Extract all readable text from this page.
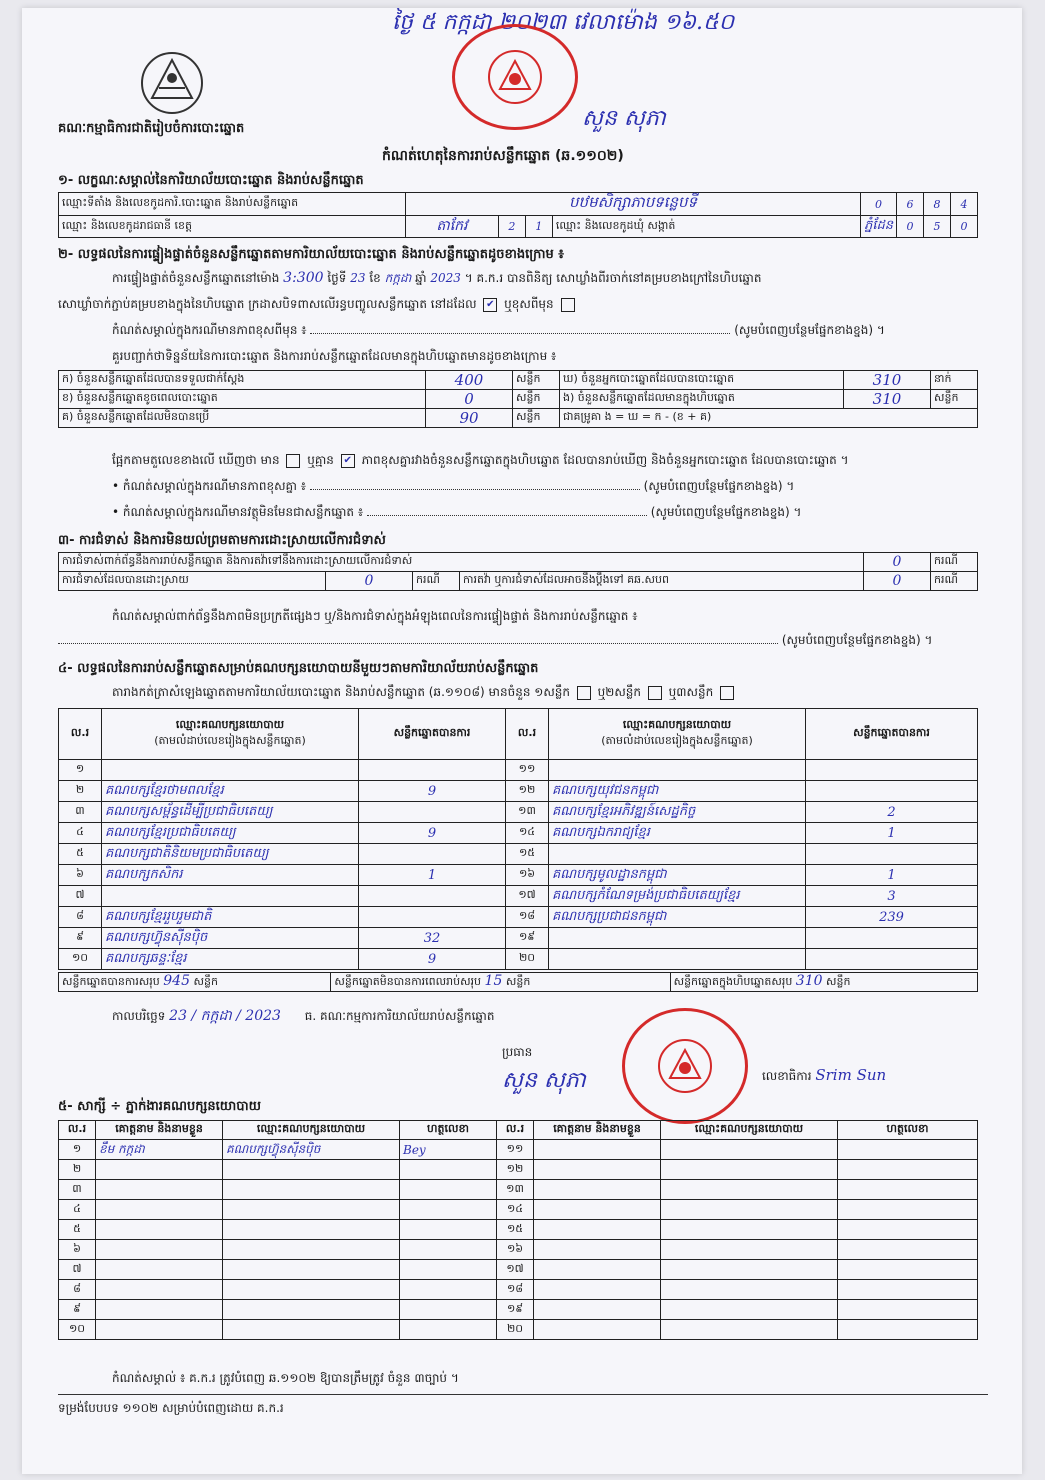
ថ្ងៃ ៥ កក្កដា ២០២៣ វេលាម៉ោង ១៦.៥០
សួន សុភា
គណៈកម្មាធិការជាតិរៀបចំការបោះឆ្នោត
កំណត់ហេតុនៃការរាប់សន្លឹកឆ្នោត (ឆ.១១០២)
១- លក្ខណៈសម្គាល់នៃការិយាល័យបោះឆ្នោត និងរាប់សន្លឹកឆ្នោត
ឈ្មោះទីតាំង និងលេខកូដការិ.បោះឆ្នោត និងរាប់សន្លឹកឆ្នោត	បឋមសិក្សាភាបទន្លេបទី				0	6	8	4
ឈ្មោះ និងលេខកូដរាជធានី ខេត្ត	តាកែវ	2	1	ឈ្មោះ និងលេខកូដឃុំ សង្កាត់	ភ្នំដែន	0	5	0
២- លទ្ធផលនៃការផ្ទៀងផ្ទាត់ចំនួនសន្លឹកឆ្នោតតាមការិយាល័យបោះឆ្នោត និងរាប់សន្លឹកឆ្នោតដូចខាងក្រោម ៖
ការផ្ទៀងផ្ទាត់ចំនួនសន្លឹកឆ្នោតនៅម៉ោង 3:300 ថ្ងៃទី 23 ខែ កក្កដា ឆ្នាំ 2023 ។ គ.ក.រ បានពិនិត្យ សោឃ្លាំងពីរចាក់នៅគម្របខាងក្រៅនៃហិបឆ្នោត
សោឃ្លាំចាក់ភ្ជាប់គម្របខាងក្នុងនៃហិបឆ្នោត ក្រដាសបិទពាសលើរន្ធបញ្ចូលសន្លឹកឆ្នោត នៅដដែល ✔ ឬខុសពីមុន
កំណត់សម្គាល់ក្នុងករណីមានភាពខុសពីមុន ៖	(សូមបំពេញបន្ថែមផ្នែកខាងខ្នង) ។
គួរបញ្ជាក់ថាទិន្នន័យនៃការបោះឆ្នោត និងការរាប់សន្លឹកឆ្នោតដែលមានក្នុងហិបឆ្នោតមានដូចខាងក្រោម ៖
ក) ចំនួនសន្លឹកឆ្នោតដែលបានទទួលជាក់ស្តែង	400	សន្លឹក	ឃ) ចំនួនអ្នកបោះឆ្នោតដែលបានបោះឆ្នោត	310	នាក់
ខ) ចំនួនសន្លឹកឆ្នោតខូចពេលបោះឆ្នោត	0	សន្លឹក	ង) ចំនួនសន្លឹកឆ្នោតដែលមានក្នុងហិបឆ្នោត	310	សន្លឹក
គ) ចំនួនសន្លឹកឆ្នោតដែលមិនបានប្រើ	90	សន្លឹក	ជាគម្រូគា ង = ឃ = ក - (ខ + គ)		
ផ្អែកតាមតួលេខខាងលើ ឃើញថា មាន ឬគ្មាន ✔ ភាពខុសគ្នារវាងចំនួនសន្លឹកឆ្នោតក្នុងហិបឆ្នោត ដែលបានរាប់ឃើញ និងចំនួនអ្នកបោះឆ្នោត ដែលបានបោះឆ្នោត ។
• កំណត់សម្គាល់ក្នុងករណីមានភាពខុសគ្នា ៖	(សូមបំពេញបន្ថែមផ្នែកខាងខ្នង) ។
• កំណត់សម្គាល់ក្នុងករណីមានវត្ថុមិនមែនជាសន្លឹកឆ្នោត ៖	(សូមបំពេញបន្ថែមផ្នែកខាងខ្នង) ។
៣- ការជំទាស់ និងការមិនយល់ព្រមតាមការដោះស្រាយលើការជំទាស់
ការជំទាស់ពាក់ព័ន្ធនឹងការរាប់សន្លឹកឆ្នោត និងការតវ៉ាទៅនឹងការដោះស្រាយលើការជំទាស់				0	ករណី
ការជំទាស់ដែលបានដោះស្រាយ	0	ករណី	ការតវ៉ា ឬការជំទាស់ដែលអាចនឹងប្តឹងទៅ គឆ.សបព	0	ករណី
កំណត់សម្គាល់ពាក់ព័ន្ធនឹងភាពមិនប្រក្រតីផ្សេងៗ ឬ/និងការជំទាស់ក្នុងអំឡុងពេលនៃការផ្ទៀងផ្ទាត់ និងការរាប់សន្លឹកឆ្នោត ៖
(សូមបំពេញបន្ថែមផ្នែកខាងខ្នង) ។
៤- លទ្ធផលនៃការរាប់សន្លឹកឆ្នោតសម្រាប់គណបក្សនយោបាយនីមួយៗតាមការិយាល័យរាប់សន្លឹកឆ្នោត
តារាងកត់ត្រាសំឡេងឆ្នោតតាមការិយាល័យបោះឆ្នោត និងរាប់សន្លឹកឆ្នោត (ឆ.១១០៨) មានចំនួន ១សន្លឹក ឬ២សន្លឹក ឬ៣សន្លឹក
ល.រ	ឈ្មោះគណបក្សនយោបាយ
(តាមលំដាប់លេខរៀងក្នុងសន្លឹកឆ្នោត)	សន្លឹកឆ្នោតបានការ	ល.រ	ឈ្មោះគណបក្សនយោបាយ
(តាមលំដាប់លេខរៀងក្នុងសន្លឹកឆ្នោត)	សន្លឹកឆ្នោតបានការ
១			១១		
២	គណបក្សខ្មែរថាមពលខ្មែរ	9	១២	គណបក្សយុវជនកម្ពុជា	
៣	គណបក្សសម្ព័ន្ធដើម្បីប្រជាធិបតេយ្យ		១៣	គណបក្សខ្មែរអភិវឌ្ឍន៍សេដ្ឋកិច្ច	2
៤	គណបក្សខ្មែរប្រជាធិបតេយ្យ	9	១៤	គណបក្សឯករាជ្យខ្មែរ	1
៥	គណបក្សជាតិនិយមប្រជាធិបតេយ្យ		១៥		
៦	គណបក្សកសិករ	1	១៦	គណបក្សមូលដ្ឋានកម្ពុជា	1
៧			១៧	គណបក្សកំណែទម្រង់ប្រជាធិបតេយ្យខ្មែរ	3
៨	គណបក្សខ្មែររួបរួមជាតិ		១៨	គណបក្សប្រជាជនកម្ពុជា	239
៩	គណបក្សហ៊្វុនស៊ីនប៉ិច	32	១៩		
១០	គណបក្សឆន្ទៈខ្មែរ	9	២០		
សន្លឹកឆ្នោតបានការសរុប 945 សន្លឹក	សន្លឹកឆ្នោតមិនបានការពេលរាប់សរុប 15 សន្លឹក	សន្លឹកឆ្នោតក្នុងហិបឆ្នោតសរុប 310 សន្លឹក
កាលបរិច្ឆេទ 23 / កក្កដា / 2023 ធ. គណៈកម្មការការិយាល័យរាប់សន្លឹកឆ្នោត
ប្រធាន
សួន សុភា	លេខាធិការ Srim Sun
៥- សាក្សី ÷ ភ្នាក់ងារគណបក្សនយោបាយ
ល.រ	គោត្តនាម និងនាមខ្លួន	ឈ្មោះគណបក្សនយោបាយ	ហត្ថលេខា	ល.រ	គោត្តនាម និងនាមខ្លួន	ឈ្មោះគណបក្សនយោបាយ	ហត្ថលេខា
១	ខឹម កក្កដា	គណបក្សហ៊្វុនស៊ីនប៉ិច	Bey	១១			
២				១២			
៣				១៣			
៤				១៤			
៥				១៥			
៦				១៦			
៧				១៧			
៨				១៨			
៩				១៩			
១០				២០			
កំណត់សម្គាល់ ៖ គ.ក.រ ត្រូវបំពេញ ឆ.១១០២ ឱ្យបានត្រឹមត្រូវ ចំនួន ៣ច្បាប់ ។
ទម្រង់បែបបទ ១១០២ សម្រាប់បំពេញដោយ គ.ក.រ
